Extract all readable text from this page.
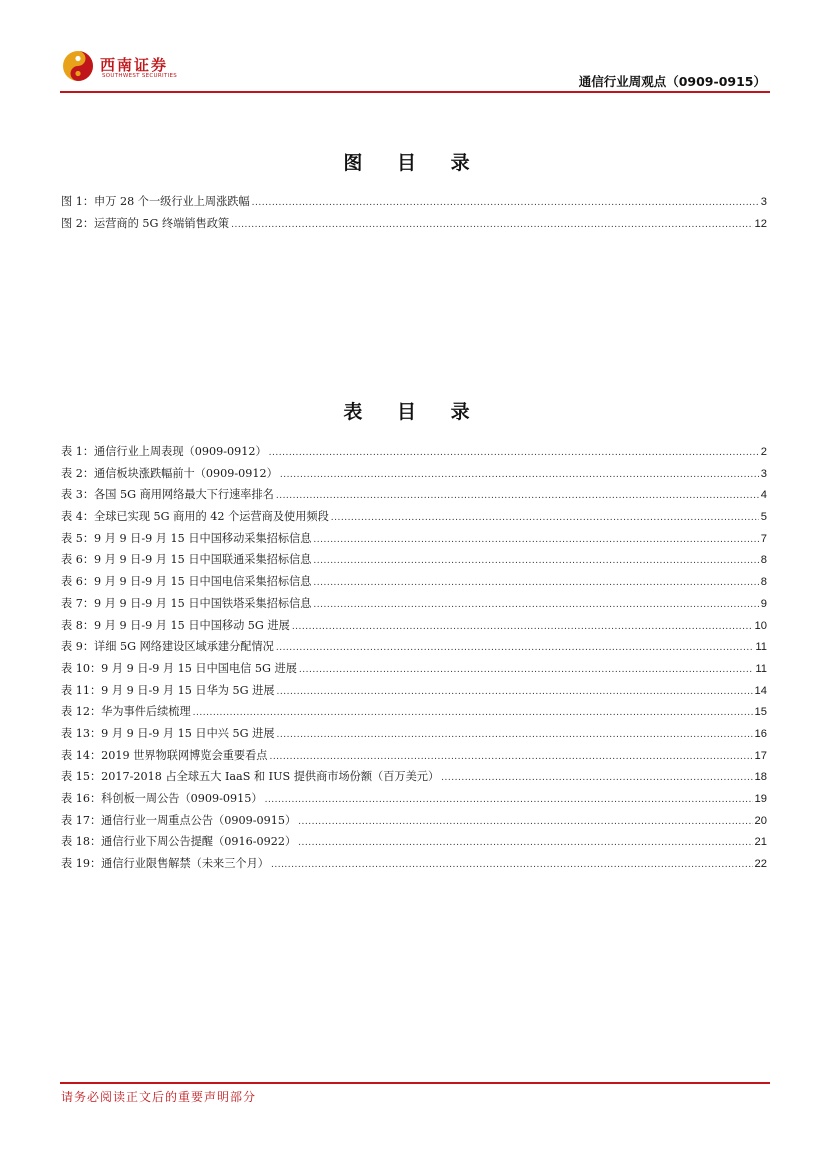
西南证券
SOUTHWEST SECURITIES	通信行业周观点（0909-0915）
图 目 录
图 1：申万 28 个一级行业上周涨跌幅 .....	3
图 2：运营商的 5G 终端销售政策 .....	12
表 目 录
表 1：通信行业上周表现（0909-0912） .....	2
表 2：通信板块涨跌幅前十（0909-0912） .....	3
表 3：各国 5G 商用网络最大下行速率排名 .....	4
表 4：全球已实现 5G 商用的 42 个运营商及使用频段 .....	5
表 5：9 月 9 日-9 月 15 日中国移动采集招标信息 .....	7
表 6：9 月 9 日-9 月 15 日中国联通采集招标信息 .....	8
表 6：9 月 9 日-9 月 15 日中国电信采集招标信息 .....	8
表 7：9 月 9 日-9 月 15 日中国铁塔采集招标信息 .....	9
表 8：9 月 9 日-9 月 15 日中国移动 5G 进展 .....	10
表 9：详细 5G 网络建设区域承建分配情况 .....	11
表 10：9 月 9 日-9 月 15 日中国电信 5G 进展 .....	11
表 11：9 月 9 日-9 月 15 日华为 5G 进展 .....	14
表 12：华为事件后续梳理 .....	15
表 13：9 月 9 日-9 月 15 日中兴 5G 进展 .....	16
表 14：2019 世界物联网博览会重要看点 .....	17
表 15：2017-2018 占全球五大 IaaS 和 IUS 提供商市场份额（百万美元） .....	18
表 16：科创板一周公告（0909-0915） .....	19
表 17：通信行业一周重点公告（0909-0915） .....	20
表 18：通信行业下周公告提醒（0916-0922） .....	21
表 19：通信行业限售解禁（未来三个月） .....	22
请务必阅读正文后的重要声明部分
